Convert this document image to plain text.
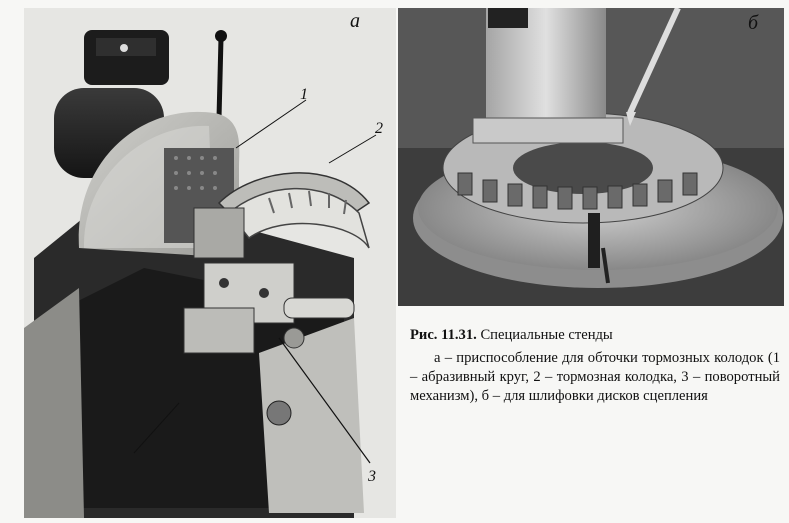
а
1
2
3
б
Рис. 11.31. Специальные стенды
а – приспособление для обточки тормозных колодок (1 – абразивный круг, 2 – тормозная колодка, 3 – поворотный механизм), б – для шлифовки дисков сцепления
